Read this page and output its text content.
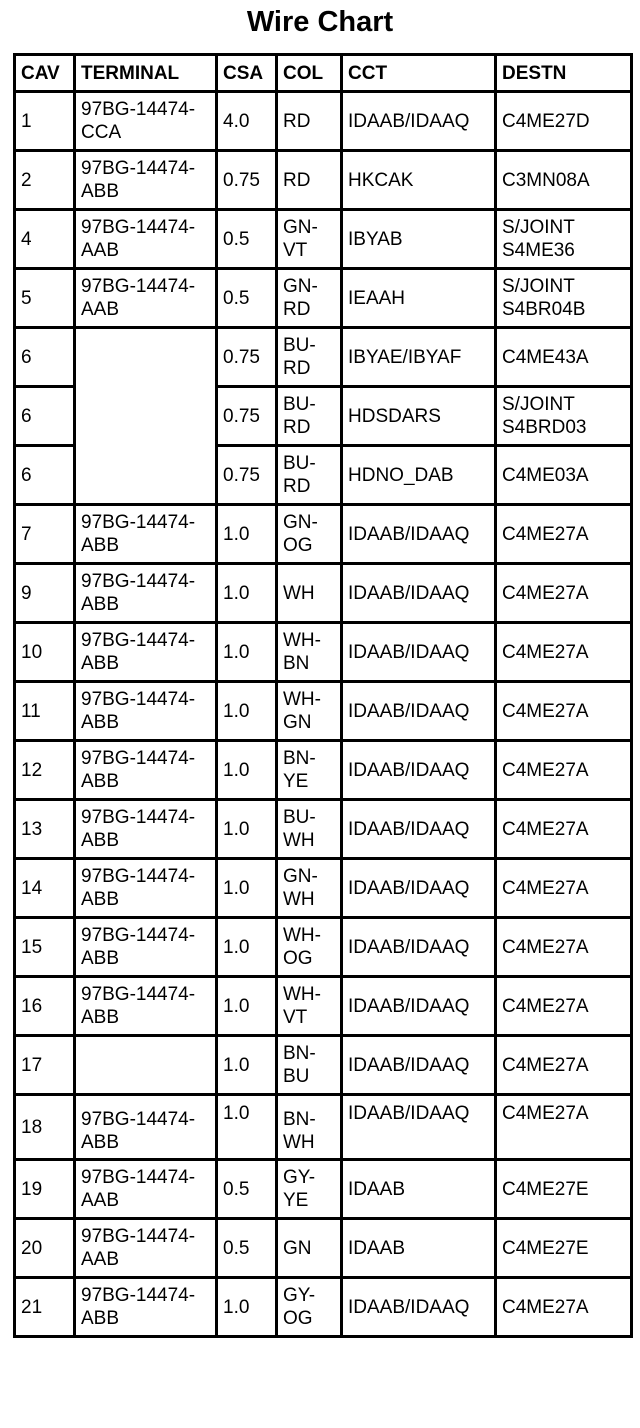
Wire Chart
CAV	TERMINAL	CSA	COL	CCT	DESTN
1	97BG-14474-CCA	4.0	RD	IDAAB/IDAAQ	C4ME27D
2	97BG-14474-ABB	0.75	RD	HKCAK	C3MN08A
4	97BG-14474-AAB	0.5	GN-VT	IBYAB	S/JOINT S4ME36
5	97BG-14474-AAB	0.5	GN-RD	IEAAH	S/JOINT S4BR04B
6		0.75	BU-RD	IBYAE/IBYAF	C4ME43A
6		0.75	BU-RD	HDSDARS	S/JOINT S4BRD03
6		0.75	BU-RD	HDNO_DAB	C4ME03A
7	97BG-14474-ABB	1.0	GN-OG	IDAAB/IDAAQ	C4ME27A
9	97BG-14474-ABB	1.0	WH	IDAAB/IDAAQ	C4ME27A
10	97BG-14474-ABB	1.0	WH-BN	IDAAB/IDAAQ	C4ME27A
11	97BG-14474-ABB	1.0	WH-GN	IDAAB/IDAAQ	C4ME27A
12	97BG-14474-ABB	1.0	BN-YE	IDAAB/IDAAQ	C4ME27A
13	97BG-14474-ABB	1.0	BU-WH	IDAAB/IDAAQ	C4ME27A
14	97BG-14474-ABB	1.0	GN-WH	IDAAB/IDAAQ	C4ME27A
15	97BG-14474-ABB	1.0	WH-OG	IDAAB/IDAAQ	C4ME27A
16	97BG-14474-ABB	1.0	WH-VT	IDAAB/IDAAQ	C4ME27A
17		1.0	BN-BU	IDAAB/IDAAQ	C4ME27A
18	97BG-14474-ABB	1.0	BN-WH	IDAAB/IDAAQ	C4ME27A
19	97BG-14474-AAB	0.5	GY-YE	IDAAB	C4ME27E
20	97BG-14474-AAB	0.5	GN	IDAAB	C4ME27E
21	97BG-14474-ABB	1.0	GY-OG	IDAAB/IDAAQ	C4ME27A
